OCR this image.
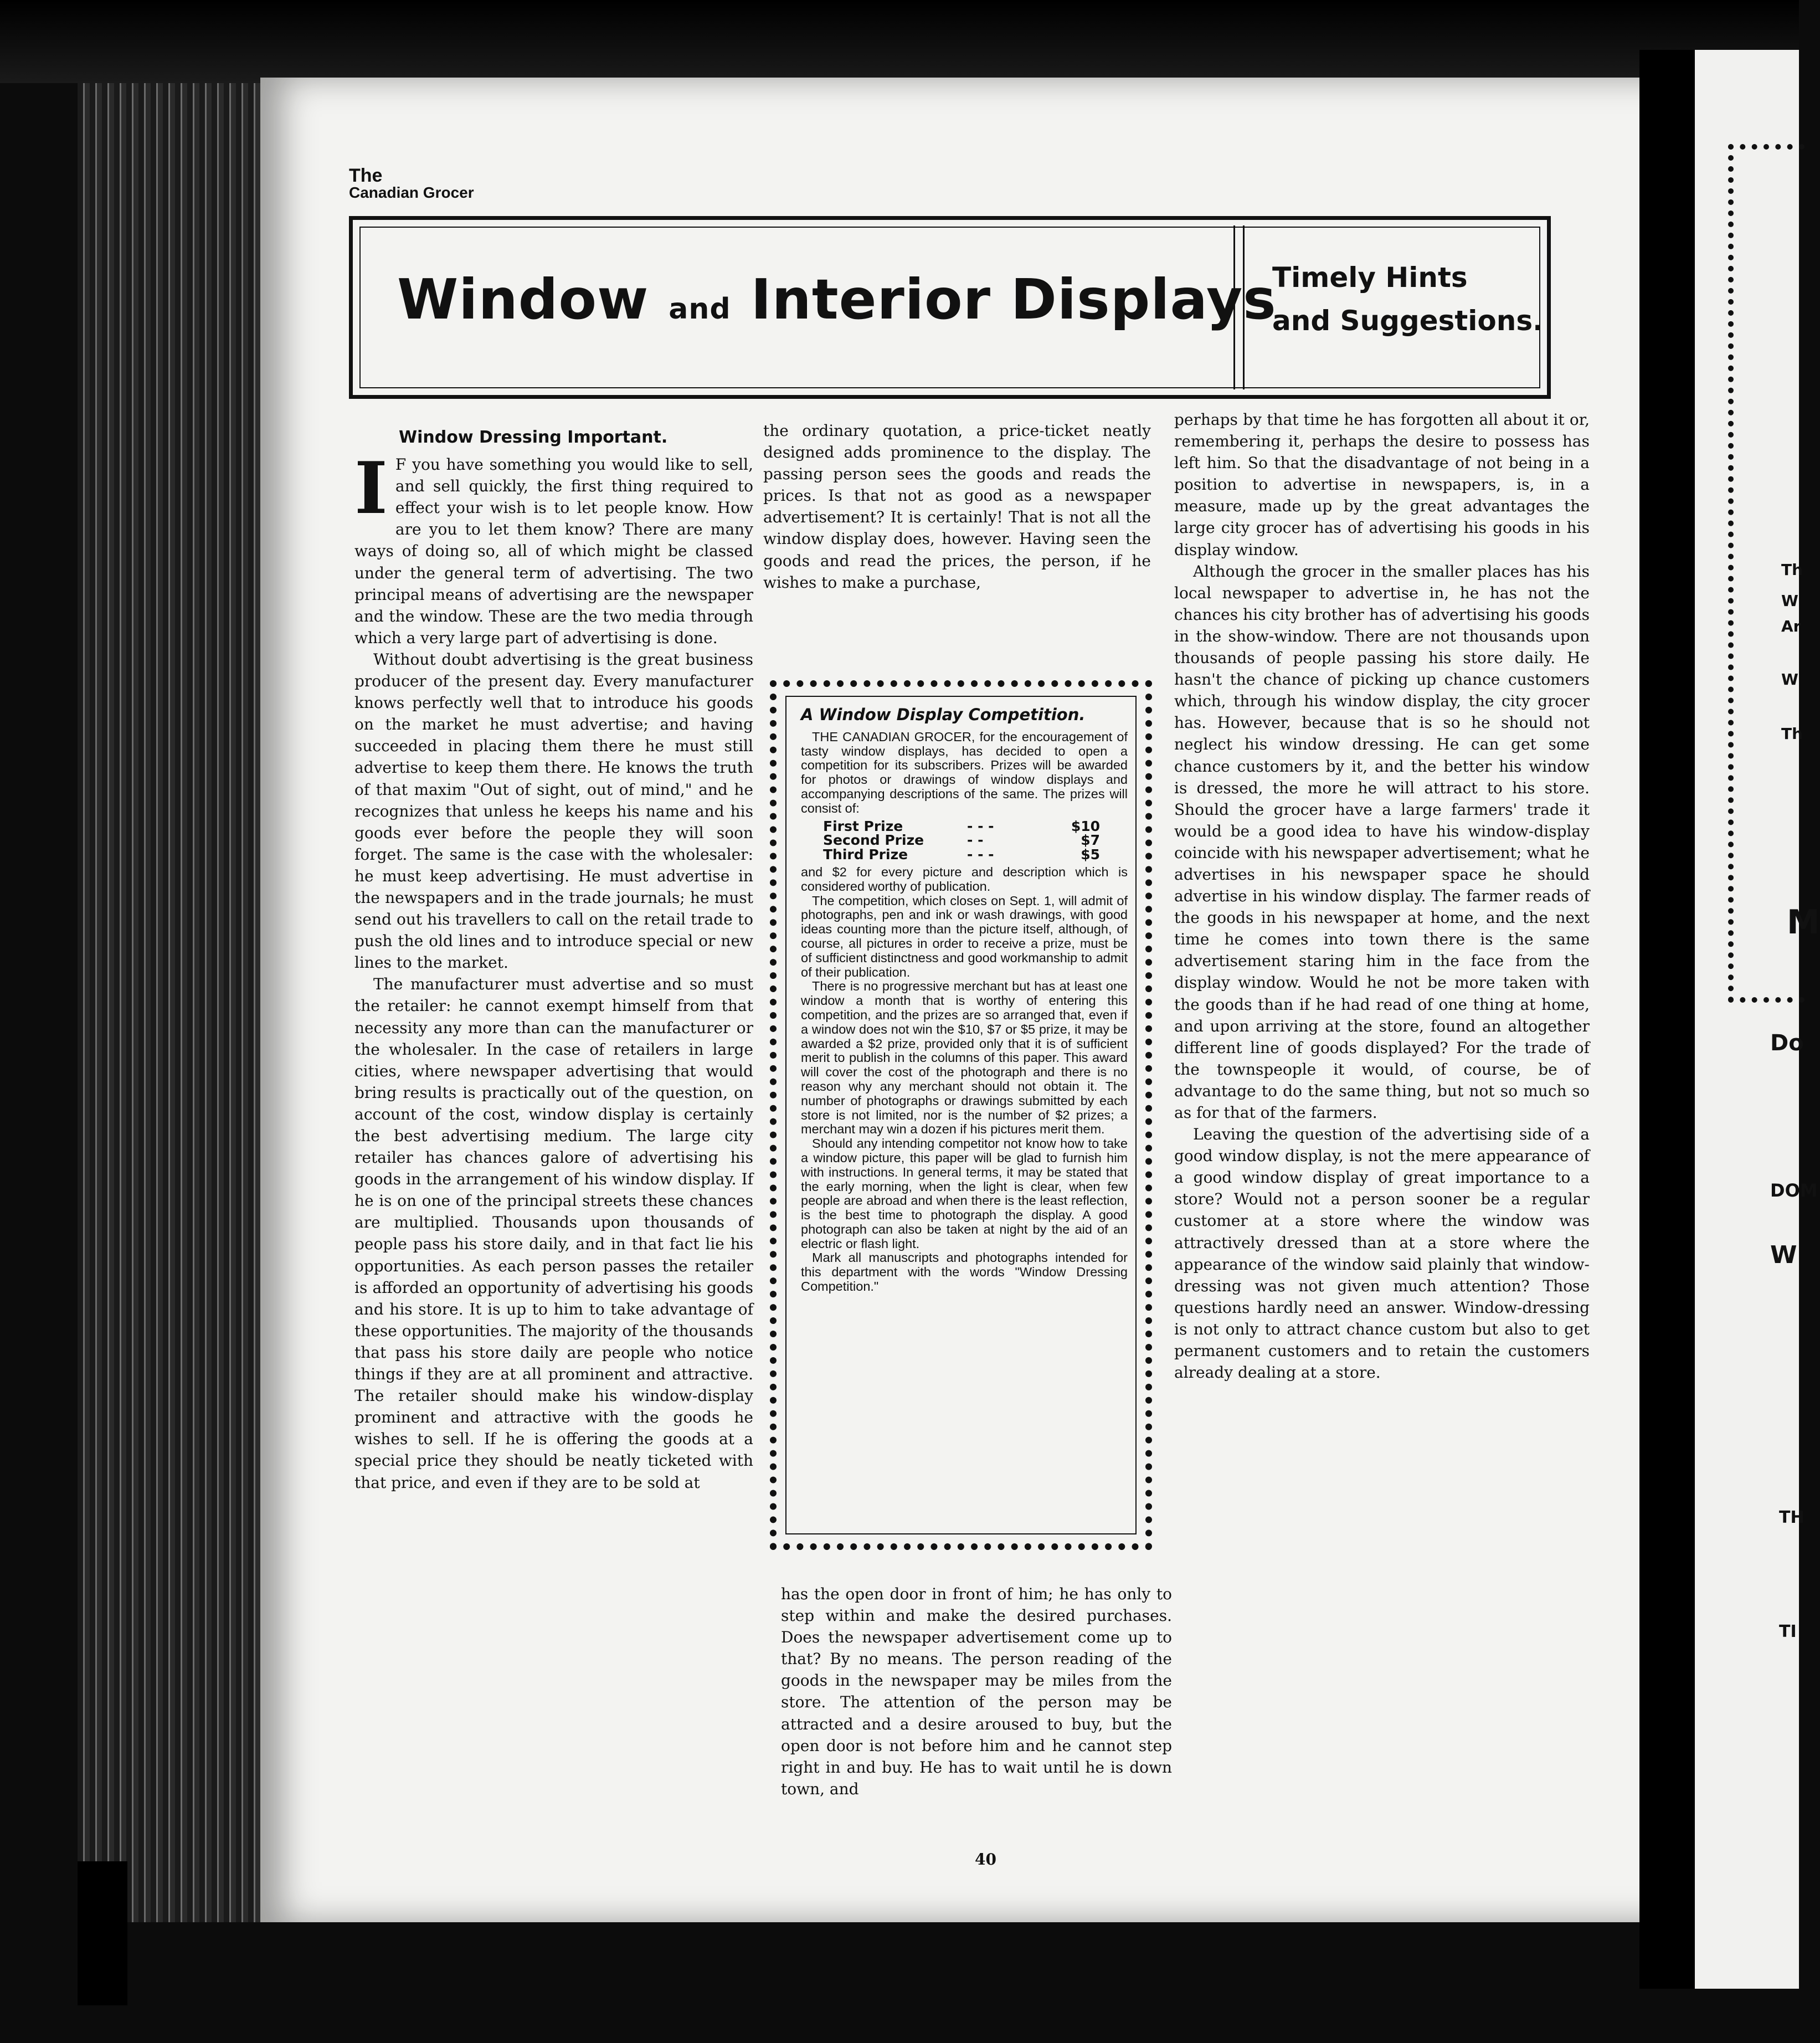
Th
W
Ar
W
Th
M
Do
DOM
W
TH
TI
The
Canadian Grocer
Window and Interior Displays
Timely Hints
and Suggestions.
Window Dressing Important.
I F you have something you would like to sell, and sell quickly, the first thing required to effect your wish is to let people know. How are you to let them know? There are many ways of doing so, all of which might be classed under the general term of advertising. The two principal means of advertising are the newspaper and the window. These are the two media through which a very large part of advertising is done.

Without doubt advertising is the great business producer of the present day. Every manufacturer knows perfectly well that to introduce his goods on the market he must advertise; and having succeeded in placing them there he must still advertise to keep them there. He knows the truth of that maxim "Out of sight, out of mind," and he recognizes that unless he keeps his name and his goods ever before the people they will soon forget. The same is the case with the wholesaler: he must keep advertising. He must advertise in the newspapers and in the trade journals; he must send out his travellers to call on the retail trade to push the old lines and to introduce special or new lines to the market.

The manufacturer must advertise and so must the retailer: he cannot exempt himself from that necessity any more than can the manufacturer or the wholesaler. In the case of retailers in large cities, where newspaper advertising that would bring results is practically out of the question, on account of the cost, window display is certainly the best advertising medium. The large city retailer has chances galore of advertising his goods in the arrangement of his window display. If he is on one of the principal streets these chances are multiplied. Thousands upon thousands of people pass his store daily, and in that fact lie his opportunities. As each person passes the retailer is afforded an opportunity of advertising his goods and his store. It is up to him to take advantage of these opportunities. The majority of the thousands that pass his store daily are people who notice things if they are at all prominent and attractive. The retailer should make his window-display prominent and attractive with the goods he wishes to sell. If he is offering the goods at a special price they should be neatly ticketed with that price, and even if they are to be sold at

the ordinary quotation, a price-ticket neatly designed adds prominence to the display. The passing person sees the goods and reads the prices. Is that not as good as a newspaper advertisement? It is certainly! That is not all the window display does, however. Having seen the goods and read the prices, the person, if he wishes to make a purchase,

A Window Display Competition.

THE CANADIAN GROCER, for the encouragement of tasty window displays, has decided to open a competition for its subscribers. Prizes will be awarded for photos or drawings of window displays and accompanying descriptions of the same. The prizes will consist of:

First Prize	- - -	$10
Second Prize	- -	$7
Third Prize	- - -	$5

and $2 for every picture and description which is considered worthy of publication.

The competition, which closes on Sept. 1, will admit of photographs, pen and ink or wash drawings, with good ideas counting more than the picture itself, although, of course, all pictures in order to receive a prize, must be of sufficient distinctness and good workmanship to admit of their publication.

There is no progressive merchant but has at least one window a month that is worthy of entering this competition, and the prizes are so arranged that, even if a window does not win the $10, $7 or $5 prize, it may be awarded a $2 prize, provided only that it is of sufficient merit to publish in the columns of this paper. This award will cover the cost of the photograph and there is no reason why any merchant should not obtain it. The number of photographs or drawings submitted by each store is not limited, nor is the number of $2 prizes; a merchant may win a dozen if his pictures merit them.

Should any intending competitor not know how to take a window picture, this paper will be glad to furnish him with instructions. In general terms, it may be stated that the early morning, when the light is clear, when few people are abroad and when there is the least reflection, is the best time to photograph the display. A good photograph can also be taken at night by the aid of an electric or flash light.

Mark all manuscripts and photographs intended for this department with the words "Window Dressing Competition."

has the open door in front of him; he has only to step within and make the desired purchases. Does the newspaper advertisement come up to that? By no means. The person reading of the goods in the newspaper may be miles from the store. The attention of the person may be attracted and a desire aroused to buy, but the open door is not before him and he cannot step right in and buy. He has to wait until he is down town, and

perhaps by that time he has forgotten all about it or, remembering it, perhaps the desire to possess has left him. So that the disadvantage of not being in a position to advertise in newspapers, is, in a measure, made up by the great advantages the large city grocer has of advertising his goods in his display window.

Although the grocer in the smaller places has his local newspaper to advertise in, he has not the chances his city brother has of advertising his goods in the show-window. There are not thousands upon thousands of people passing his store daily. He hasn't the chance of picking up chance customers which, through his window display, the city grocer has. However, because that is so he should not neglect his window dressing. He can get some chance customers by it, and the better his window is dressed, the more he will attract to his store. Should the grocer have a large farmers' trade it would be a good idea to have his window-display coincide with his newspaper advertisement; what he advertises in his newspaper space he should advertise in his window display. The farmer reads of the goods in his newspaper at home, and the next time he comes into town there is the same advertisement staring him in the face from the display window. Would he not be more taken with the goods than if he had read of one thing at home, and upon arriving at the store, found an altogether different line of goods displayed? For the trade of the townspeople it would, of course, be of advantage to do the same thing, but not so much so as for that of the farmers.

Leaving the question of the advertising side of a good window display, is not the mere appearance of a good window display of great importance to a store? Would not a person sooner be a regular customer at a store where the window was attractively dressed than at a store where the appearance of the window said plainly that window-dressing was not given much attention? Those questions hardly need an answer. Window-dressing is not only to attract chance custom but also to get permanent customers and to retain the customers already dealing at a store.

40
